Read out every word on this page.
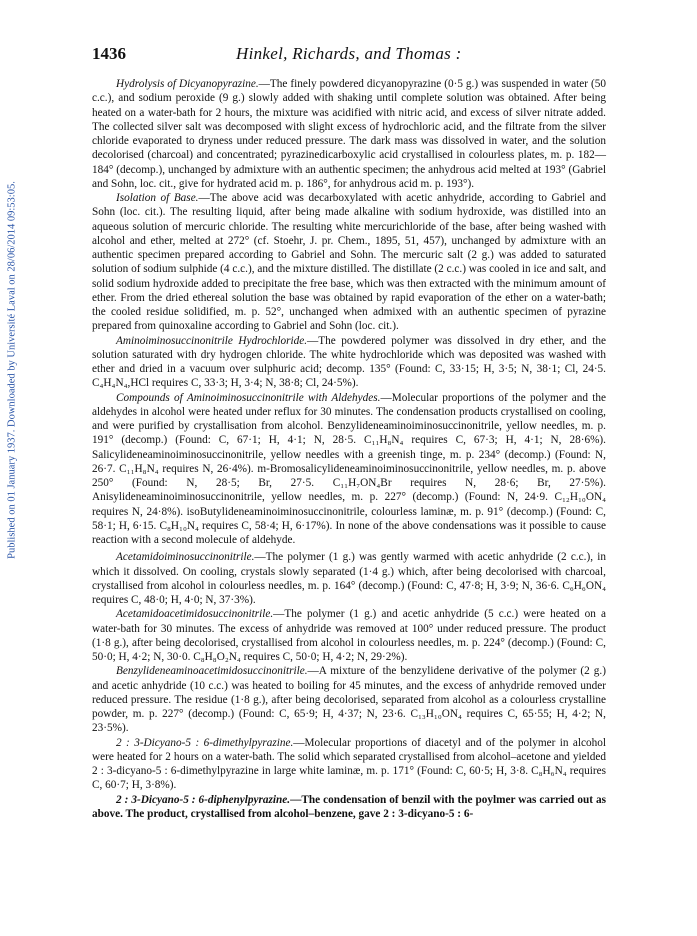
Published on 01 January 1937. Downloaded by Université Laval on 28/06/2014 09:53:05.
1436	Hinkel, Richards, and Thomas :

Hydrolysis of Dicyanopyrazine.—The finely powdered dicyanopyrazine (0·5 g.) was suspended in water (50 c.c.), and sodium peroxide (9 g.) slowly added with shaking until complete solution was obtained. After being heated on a water-bath for 2 hours, the mixture was acidified with nitric acid, and excess of silver nitrate added. The collected silver salt was decomposed with slight excess of hydrochloric acid, and the filtrate from the silver chloride evaporated to dryness under reduced pressure. The dark mass was dissolved in water, and the solution decolorised (charcoal) and concentrated; pyrazinedicarboxylic acid crystallised in colourless plates, m. p. 182—184° (decomp.), unchanged by admixture with an authentic specimen; the anhydrous acid melted at 193° (Gabriel and Sohn, loc. cit., give for hydrated acid m. p. 186°, for anhydrous acid m. p. 193°).

Isolation of Base.—The above acid was decarboxylated with acetic anhydride, according to Gabriel and Sohn (loc. cit.). The resulting liquid, after being made alkaline with sodium hydroxide, was distilled into an aqueous solution of mercuric chloride. The resulting white mercurichloride of the base, after being washed with alcohol and ether, melted at 272° (cf. Stoehr, J. pr. Chem., 1895, 51, 457), unchanged by admixture with an authentic specimen prepared according to Gabriel and Sohn. The mercuric salt (2 g.) was added to saturated solution of sodium sulphide (4 c.c.), and the mixture distilled. The distillate (2 c.c.) was cooled in ice and salt, and solid sodium hydroxide added to precipitate the free base, which was then extracted with the minimum amount of ether. From the dried ethereal solution the base was obtained by rapid evaporation of the ether on a water-bath; the cooled residue solidified, m. p. 52°, unchanged when admixed with an authentic specimen of pyrazine prepared from quinoxaline according to Gabriel and Sohn (loc. cit.).

Aminoiminosuccinonitrile Hydrochloride.—The powdered polymer was dissolved in dry ether, and the solution saturated with dry hydrogen chloride. The white hydrochloride which was deposited was washed with ether and dried in a vacuum over sulphuric acid; decomp. 135° (Found: C, 33·15; H, 3·5; N, 38·1; Cl, 24·5. C₄H₄N₄,HCl requires C, 33·3; H, 3·4; N, 38·8; Cl, 24·5%).

Compounds of Aminoiminosuccinonitrile with Aldehydes.—Molecular proportions of the polymer and the aldehydes in alcohol were heated under reflux for 30 minutes. The condensation products crystallised on cooling, and were purified by crystallisation from alcohol. Benzylideneaminoiminosuccinonitrile, yellow needles, m. p. 191° (decomp.) (Found: C, 67·1; H, 4·1; N, 28·5. C₁₁H₈N₄ requires C, 67·3; H, 4·1; N, 28·6%). Salicylideneaminoiminosuccinonitrile, yellow needles with a greenish tinge, m. p. 234° (decomp.) (Found: N, 26·7. C₁₁H₈N₄ requires N, 26·4%). m-Bromosalicylideneaminoiminosuccinonitrile, yellow needles, m. p. above 250° (Found: N, 28·5; Br, 27·5. C₁₁H₇ON₄Br requires N, 28·6; Br, 27·5%). Anisylideneaminoiminosuccinonitrile, yellow needles, m. p. 227° (decomp.) (Found: N, 24·9. C₁₂H₁₀ON₄ requires N, 24·8%). isoButylideneaminoiminosuccinonitrile, colourless laminæ, m. p. 91° (decomp.) (Found: C, 58·1; H, 6·15. C₈H₁₀N₄ requires C, 58·4; H, 6·17%). In none of the above condensations was it possible to cause reaction with a second molecule of aldehyde.

Acetamidoiminosuccinonitrile.—The polymer (1 g.) was gently warmed with acetic anhydride (2 c.c.), in which it dissolved. On cooling, crystals slowly separated (1·4 g.) which, after being decolorised with charcoal, crystallised from alcohol in colourless needles, m. p. 164° (decomp.) (Found: C, 47·8; H, 3·9; N, 36·6. C₆H₆ON₄ requires C, 48·0; H, 4·0; N, 37·3%).

Acetamidoacetimidosuccinonitrile.—The polymer (1 g.) and acetic anhydride (5 c.c.) were heated on a water-bath for 30 minutes. The excess of anhydride was removed at 100° under reduced pressure. The product (1·8 g.), after being decolorised, crystallised from alcohol in colourless needles, m. p. 224° (decomp.) (Found: C, 50·0; H, 4·2; N, 30·0. C₈H₈O₂N₄ requires C, 50·0; H, 4·2; N, 29·2%).

Benzylideneaminoacetimidosuccinonitrile.—A mixture of the benzylidene derivative of the polymer (2 g.) and acetic anhydride (10 c.c.) was heated to boiling for 45 minutes, and the excess of anhydride removed under reduced pressure. The residue (1·8 g.), after being decolorised, separated from alcohol as a colourless crystalline powder, m. p. 227° (decomp.) (Found: C, 65·9; H, 4·37; N, 23·6. C₁₃H₁₀ON₄ requires C, 65·55; H, 4·2; N, 23·5%).

2 : 3-Dicyano-5 : 6-dimethylpyrazine.—Molecular proportions of diacetyl and of the polymer in alcohol were heated for 2 hours on a water-bath. The solid which separated crystallised from alcohol–acetone and yielded 2 : 3-dicyano-5 : 6-dimethylpyrazine in large white laminæ, m. p. 171° (Found: C, 60·5; H, 3·8. C₈H₆N₄ requires C, 60·7; H, 3·8%).

2 : 3-Dicyano-5 : 6-diphenylpyrazine.—The condensation of benzil with the poylmer was carried out as above. The product, crystallised from alcohol–benzene, gave 2 : 3-dicyano-5 : 6-
